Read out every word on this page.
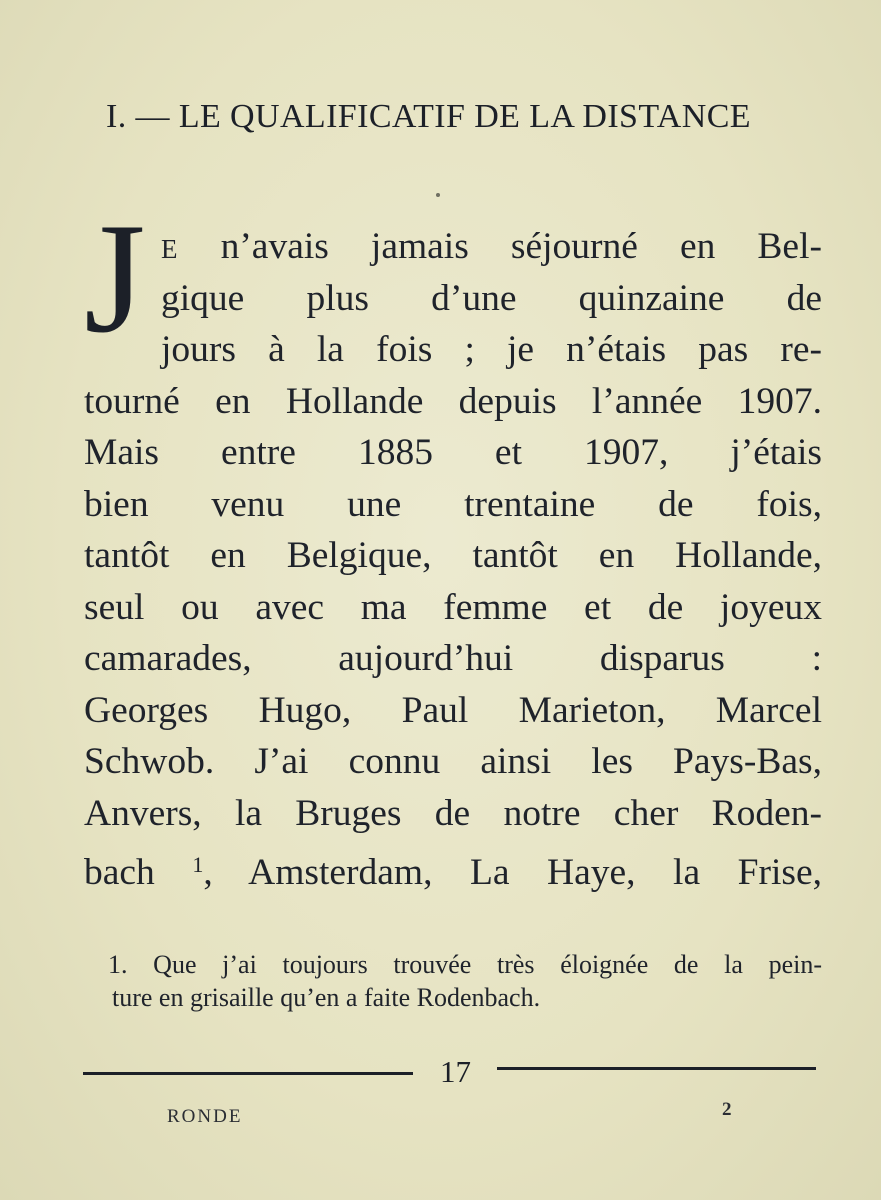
I. — LE QUALIFICATIF DE LA DISTANCE
J E n’avais jamais séjourné en Bel-
gique plus d’une quinzaine de
jours à la fois ; je n’étais pas re-
tourné en Hollande depuis l’année 1907.
Mais entre 1885 et 1907, j’étais
bien venu une trentaine de fois,
tantôt en Belgique, tantôt en Hollande,
seul ou avec ma femme et de joyeux
camarades, aujourd’hui disparus :
Georges Hugo, Paul Marieton, Marcel
Schwob. J’ai connu ainsi les Pays-Bas,
Anvers, la Bruges de notre cher Roden-
bach $^1$, Amsterdam, La Haye, la Frise,
1. Que j’ai toujours trouvée très éloignée de la pein-
ture en grisaille qu’en a faite Rodenbach.
17
RONDE	2
